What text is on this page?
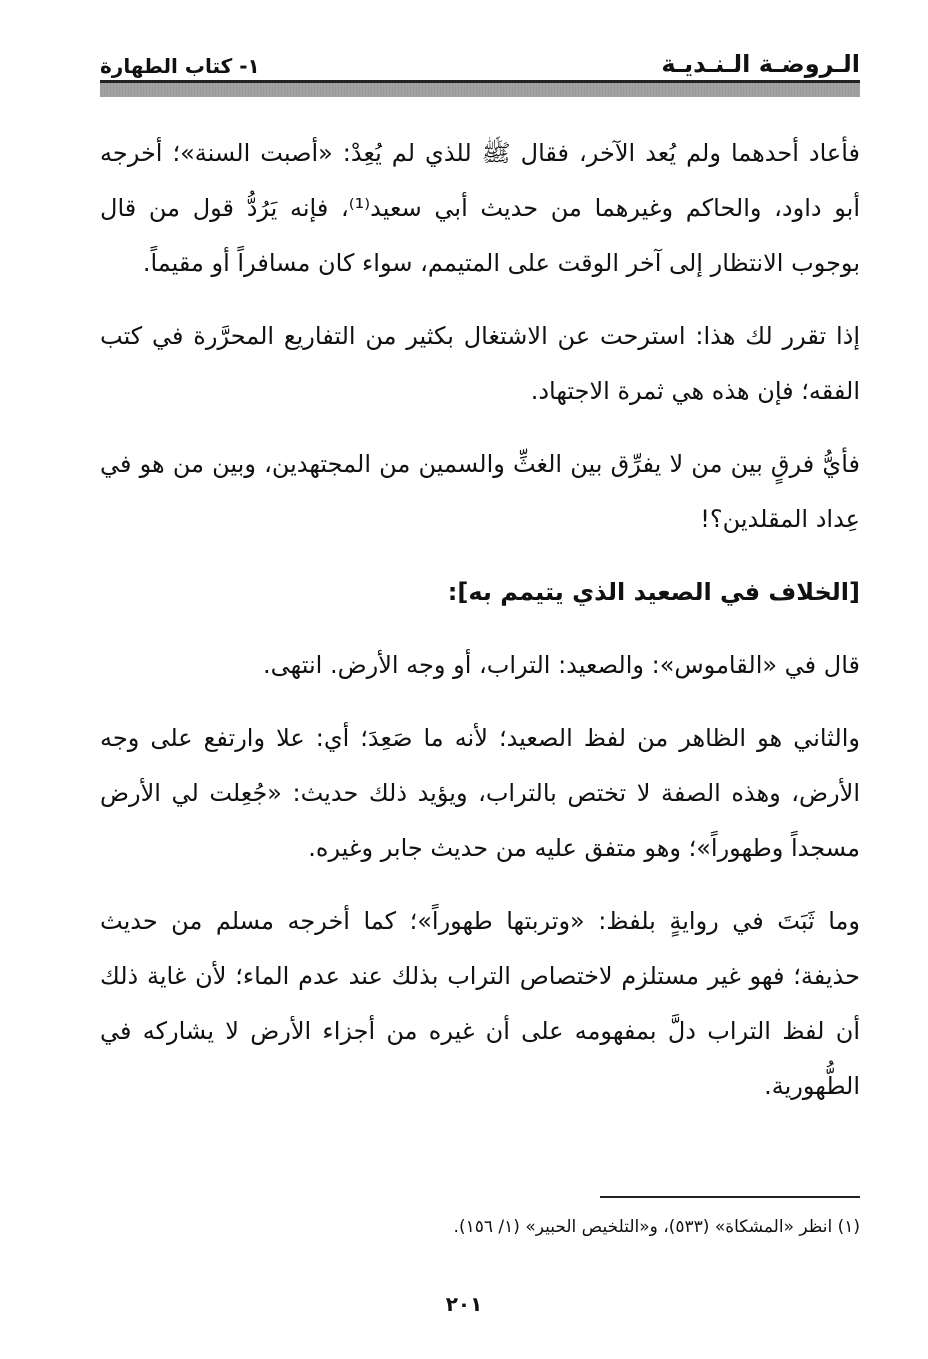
الـروضـة الـنـديـة
١- كتاب الطهارة

فأعاد أحدهما ولم يُعد الآخر، فقال ﷺ للذي لم يُعِدْ: «أصبت السنة»؛ أخرجه أبو داود، والحاكم وغيرهما من حديث أبي سعيد⁽¹⁾، فإنه يَرُدُّ قول من قال بوجوب الانتظار إلى آخر الوقت على المتيمم، سواء كان مسافراً أو مقيماً.

إذا تقرر لك هذا: استرحت عن الاشتغال بكثير من التفاريع المحرَّرة في كتب الفقه؛ فإن هذه هي ثمرة الاجتهاد.

فأيُّ فرقٍ بين من لا يفرِّق بين الغثِّ والسمين من المجتهدين، وبين من هو في عِداد المقلدين؟!

[الخلاف في الصعيد الذي يتيمم به]:

قال في «القاموس»: والصعيد: التراب، أو وجه الأرض. انتهى.

والثاني هو الظاهر من لفظ الصعيد؛ لأنه ما صَعِدَ؛ أي: علا وارتفع على وجه الأرض، وهذه الصفة لا تختص بالتراب، ويؤيد ذلك حديث: «جُعِلت لي الأرض مسجداً وطهوراً»؛ وهو متفق عليه من حديث جابر وغيره.

وما ثَبَتَ في روايةٍ بلفظ: «وتربتها طهوراً»؛ كما أخرجه مسلم من حديث حذيفة؛ فهو غير مستلزم لاختصاص التراب بذلك عند عدم الماء؛ لأن غاية ذلك أن لفظ التراب دلَّ بمفهومه على أن غيره من أجزاء الأرض لا يشاركه في الطُّهورية.

(١) انظر «المشكاة» (٥٣٣)، و«التلخيص الحبير» (١/ ١٥٦).
٢٠١
